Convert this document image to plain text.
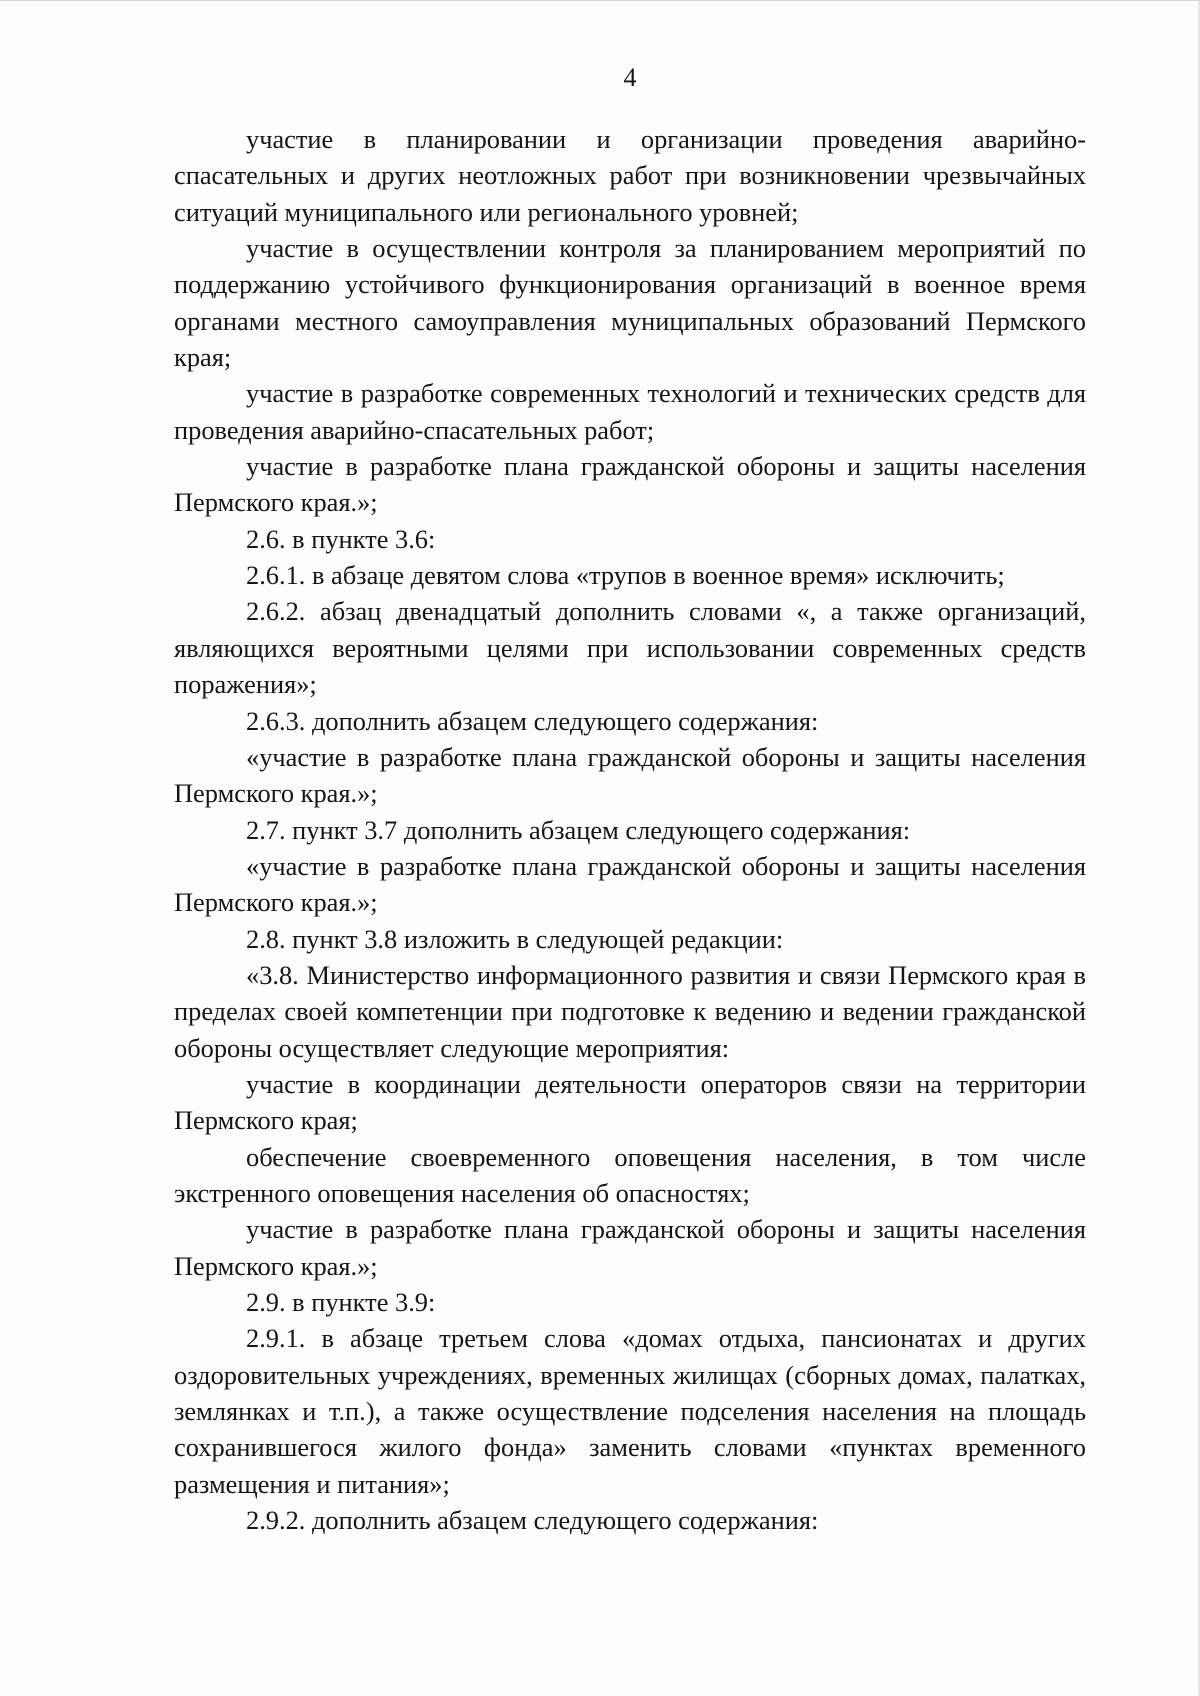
4

участие в планировании и организации проведения аварийно-спасательных и других неотложных работ при возникновении чрезвычайных ситуаций муниципального или регионального уровней;

участие в осуществлении контроля за планированием мероприятий по поддержанию устойчивого функционирования организаций в военное время органами местного самоуправления муниципальных образований Пермского края;

участие в разработке современных технологий и технических средств для проведения аварийно-спасательных работ;

участие в разработке плана гражданской обороны и защиты населения Пермского края.»;

2.6. в пункте 3.6:

2.6.1. в абзаце девятом слова «трупов в военное время» исключить;

2.6.2. абзац двенадцатый дополнить словами «, а также организаций, являющихся вероятными целями при использовании современных средств поражения»;

2.6.3. дополнить абзацем следующего содержания:

«участие в разработке плана гражданской обороны и защиты населения Пермского края.»;

2.7. пункт 3.7 дополнить абзацем следующего содержания:

«участие в разработке плана гражданской обороны и защиты населения Пермского края.»;

2.8. пункт 3.8 изложить в следующей редакции:

«3.8. Министерство информационного развития и связи Пермского края в пределах своей компетенции при подготовке к ведению и ведении гражданской обороны осуществляет следующие мероприятия:

участие в координации деятельности операторов связи на территории Пермского края;

обеспечение своевременного оповещения населения, в том числе экстренного оповещения населения об опасностях;

участие в разработке плана гражданской обороны и защиты населения Пермского края.»;

2.9. в пункте 3.9:

2.9.1. в абзаце третьем слова «домах отдыха, пансионатах и других оздоровительных учреждениях, временных жилищах (сборных домах, палатках, землянках и т.п.), а также осуществление подселения населения на площадь сохранившегося жилого фонда» заменить словами «пунктах временного размещения и питания»;

2.9.2. дополнить абзацем следующего содержания:
